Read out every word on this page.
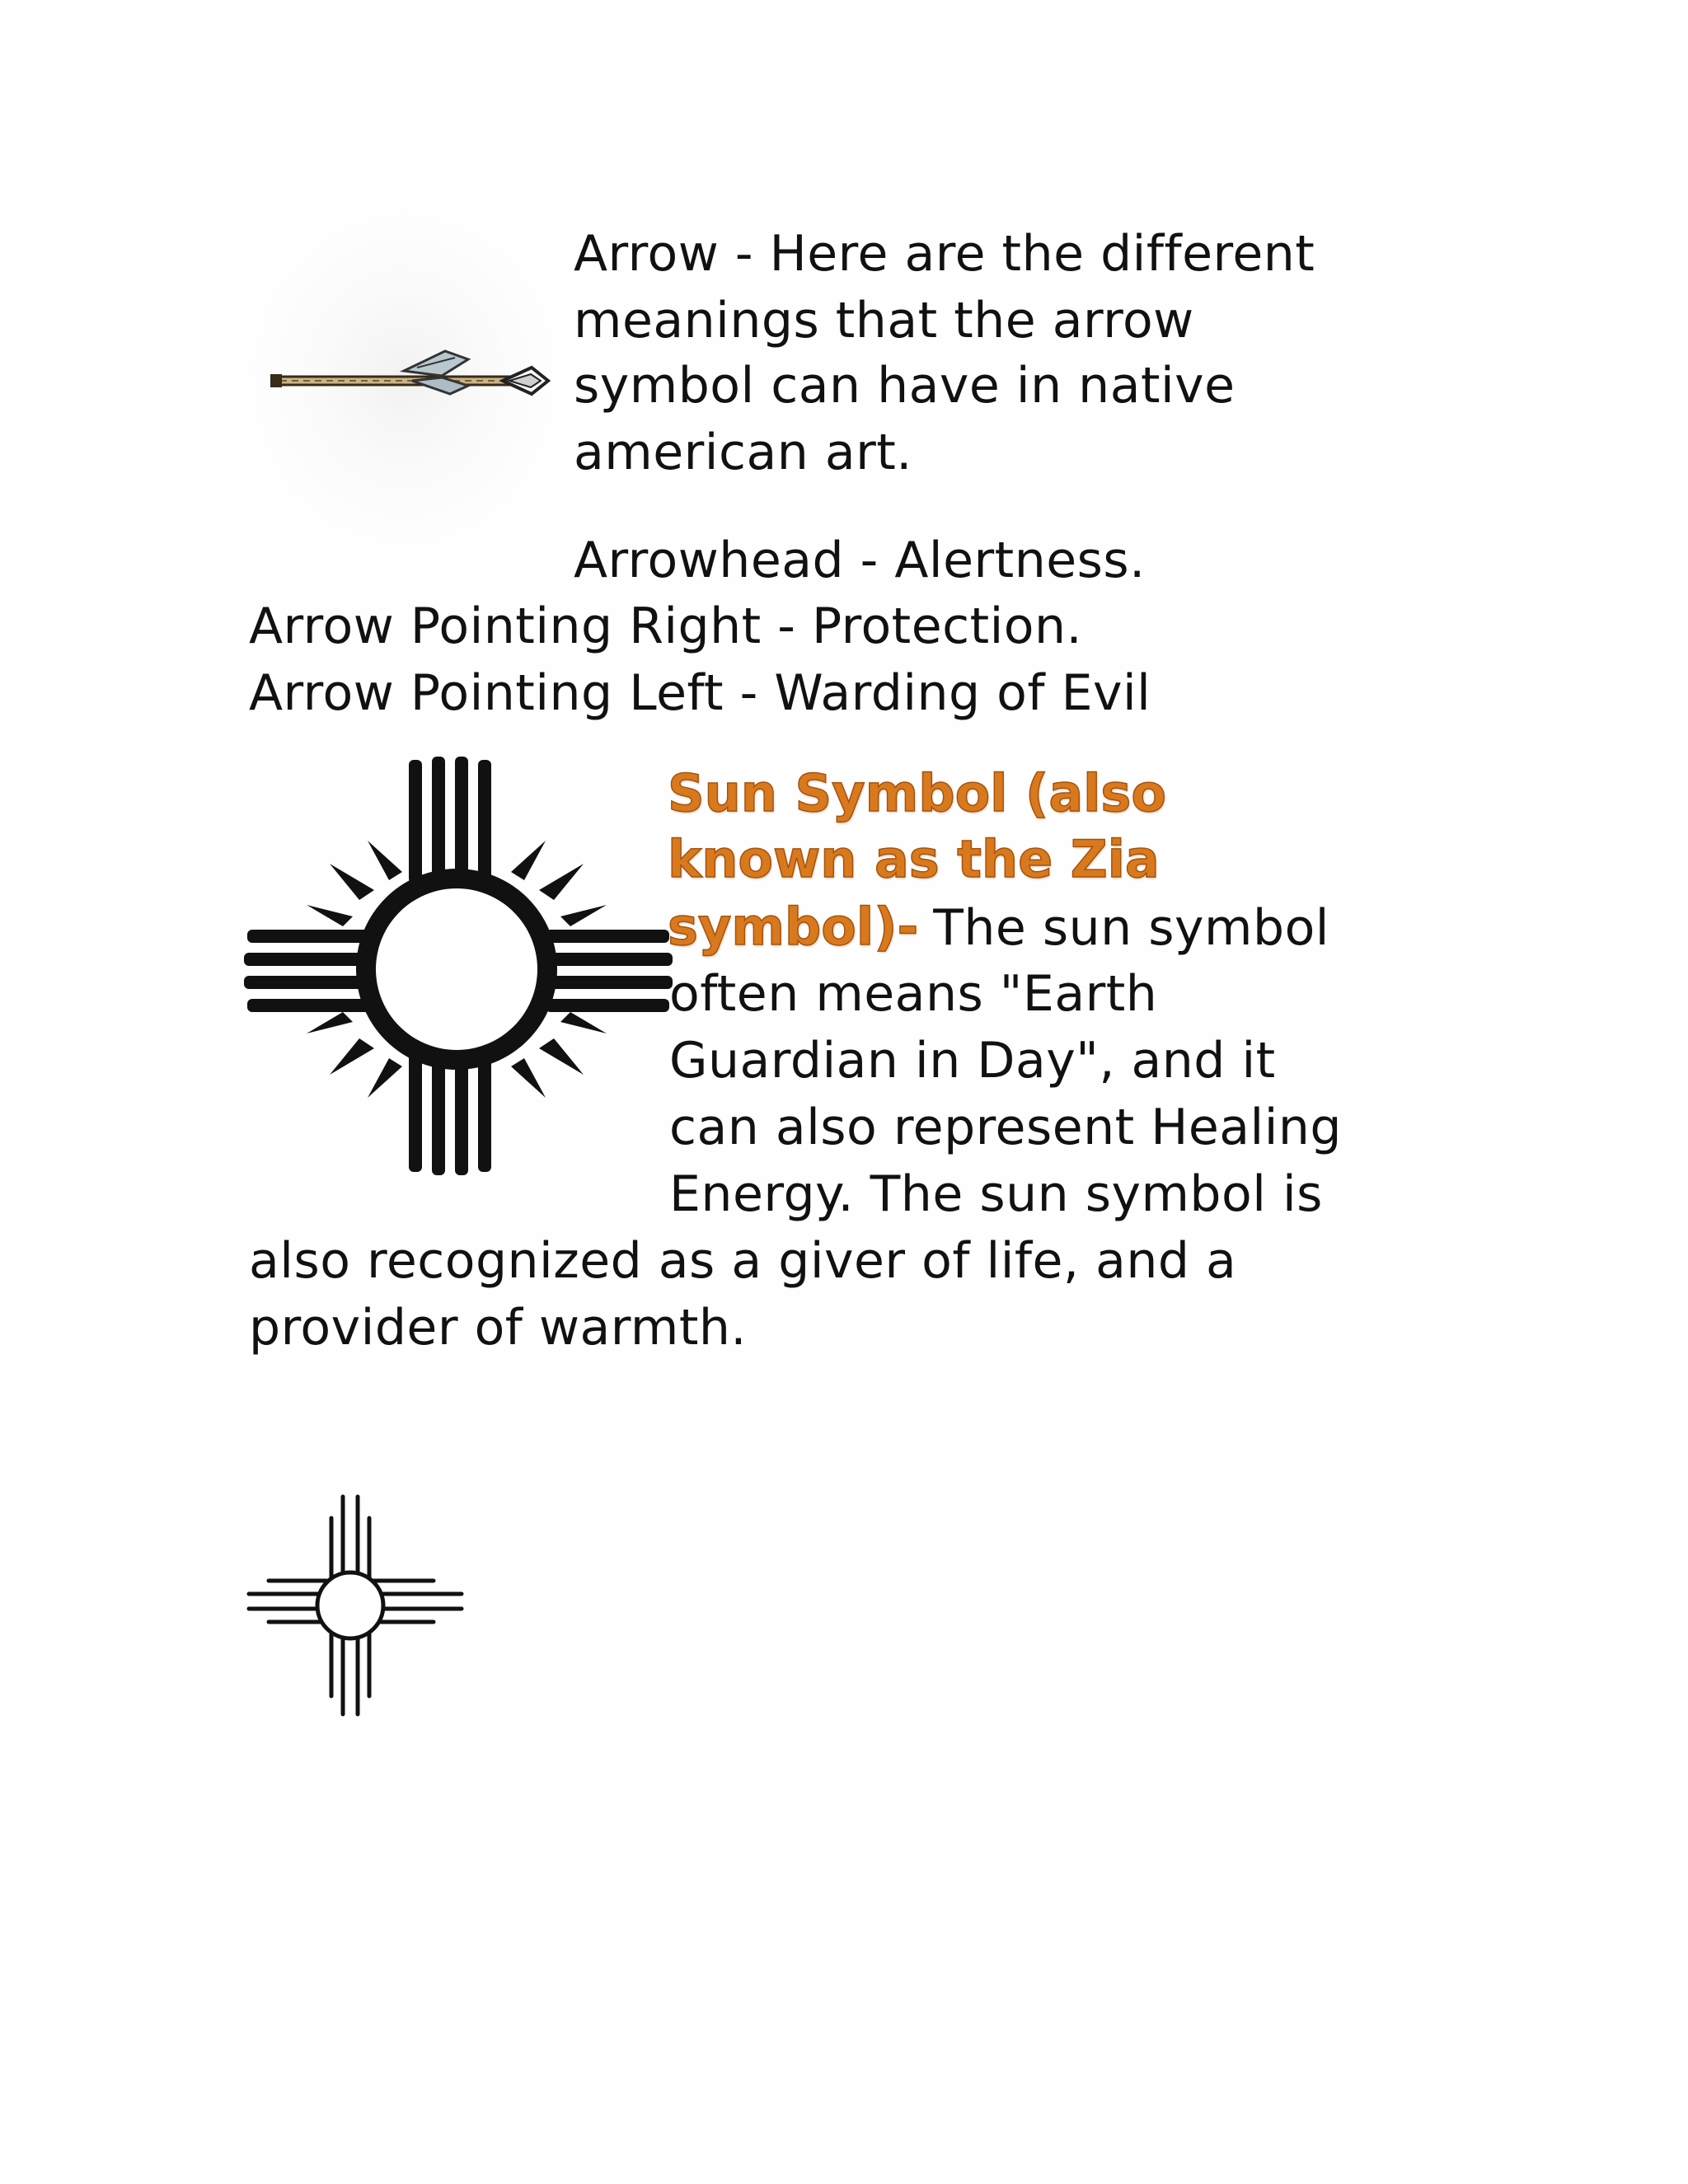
Arrow - Here are the different
meanings that the arrow
symbol can have in native
american art.
Arrowhead - Alertness.
Arrow Pointing Right - Protection.
Arrow Pointing Left - Warding of Evil
Sun Symbol (also
known as the Zia
symbol)- The sun symbol
often means "Earth
Guardian in Day", and it
can also represent Healing
Energy. The sun symbol is
also recognized as a giver of life, and a
provider of warmth.
